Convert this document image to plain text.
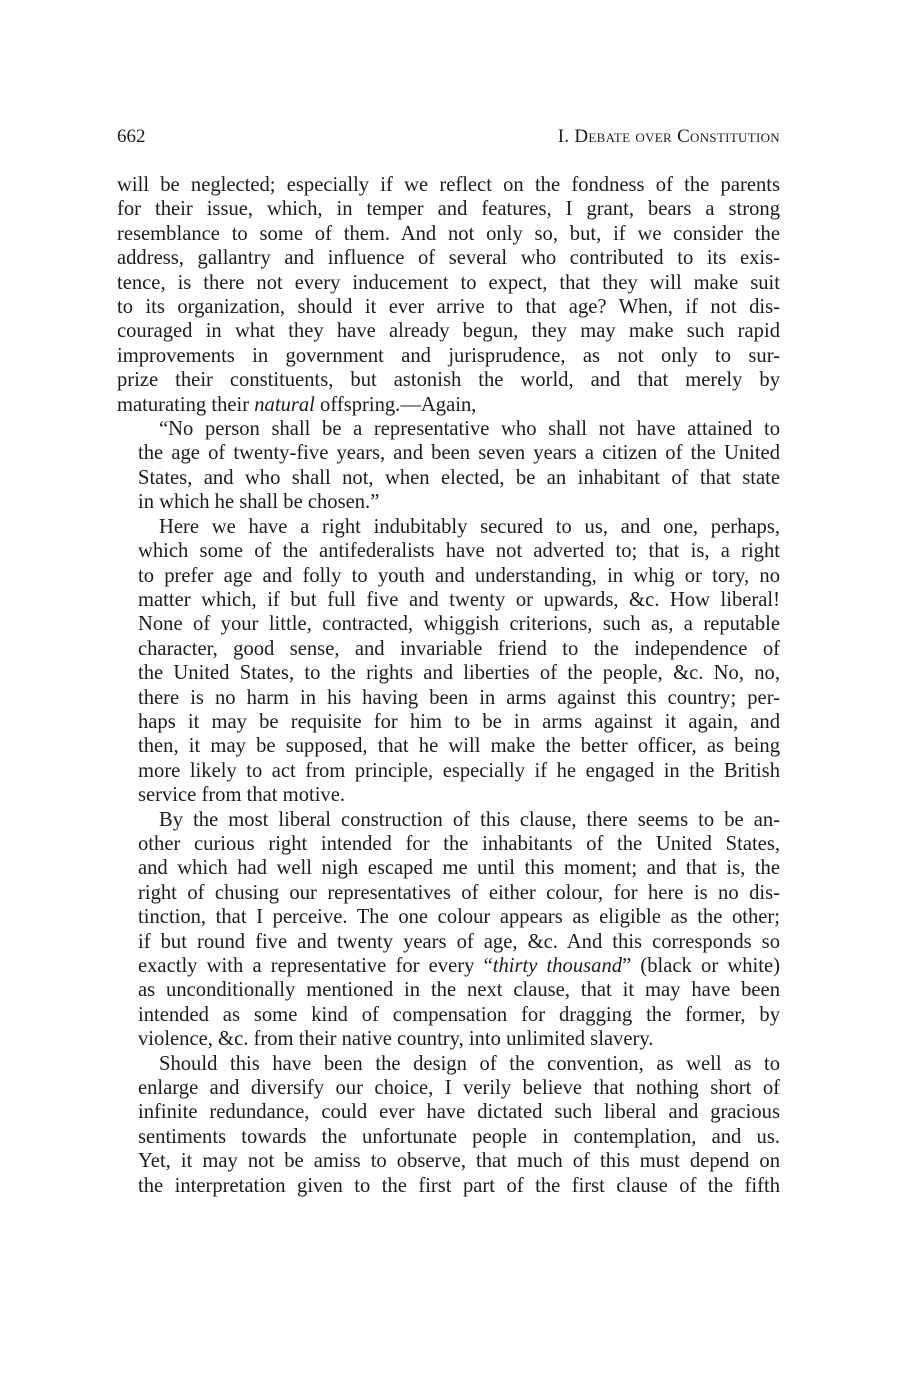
662	I. Debate over Constitution
will be neglected; especially if we reflect on the fondness of the parents
for their issue, which, in temper and features, I grant, bears a strong
resemblance to some of them. And not only so, but, if we consider the
address, gallantry and influence of several who contributed to its exis-
tence, is there not every inducement to expect, that they will make suit
to its organization, should it ever arrive to that age? When, if not dis-
couraged in what they have already begun, they may make such rapid
improvements in government and jurisprudence, as not only to sur-
prize their constituents, but astonish the world, and that merely by
maturating their natural offspring.—Again,
“No person shall be a representative who shall not have attained to
the age of twenty-five years, and been seven years a citizen of the United
States, and who shall not, when elected, be an inhabitant of that state
in which he shall be chosen.”
Here we have a right indubitably secured to us, and one, perhaps,
which some of the antifederalists have not adverted to; that is, a right
to prefer age and folly to youth and understanding, in whig or tory, no
matter which, if but full five and twenty or upwards, &c. How liberal!
None of your little, contracted, whiggish criterions, such as, a reputable
character, good sense, and invariable friend to the independence of
the United States, to the rights and liberties of the people, &c. No, no,
there is no harm in his having been in arms against this country; per-
haps it may be requisite for him to be in arms against it again, and
then, it may be supposed, that he will make the better officer, as being
more likely to act from principle, especially if he engaged in the British
service from that motive.
By the most liberal construction of this clause, there seems to be an-
other curious right intended for the inhabitants of the United States,
and which had well nigh escaped me until this moment; and that is, the
right of chusing our representatives of either colour, for here is no dis-
tinction, that I perceive. The one colour appears as eligible as the other;
if but round five and twenty years of age, &c. And this corresponds so
exactly with a representative for every “thirty thousand” (black or white)
as unconditionally mentioned in the next clause, that it may have been
intended as some kind of compensation for dragging the former, by
violence, &c. from their native country, into unlimited slavery.
Should this have been the design of the convention, as well as to
enlarge and diversify our choice, I verily believe that nothing short of
infinite redundance, could ever have dictated such liberal and gracious
sentiments towards the unfortunate people in contemplation, and us.
Yet, it may not be amiss to observe, that much of this must depend on
the interpretation given to the first part of the first clause of the fifth
